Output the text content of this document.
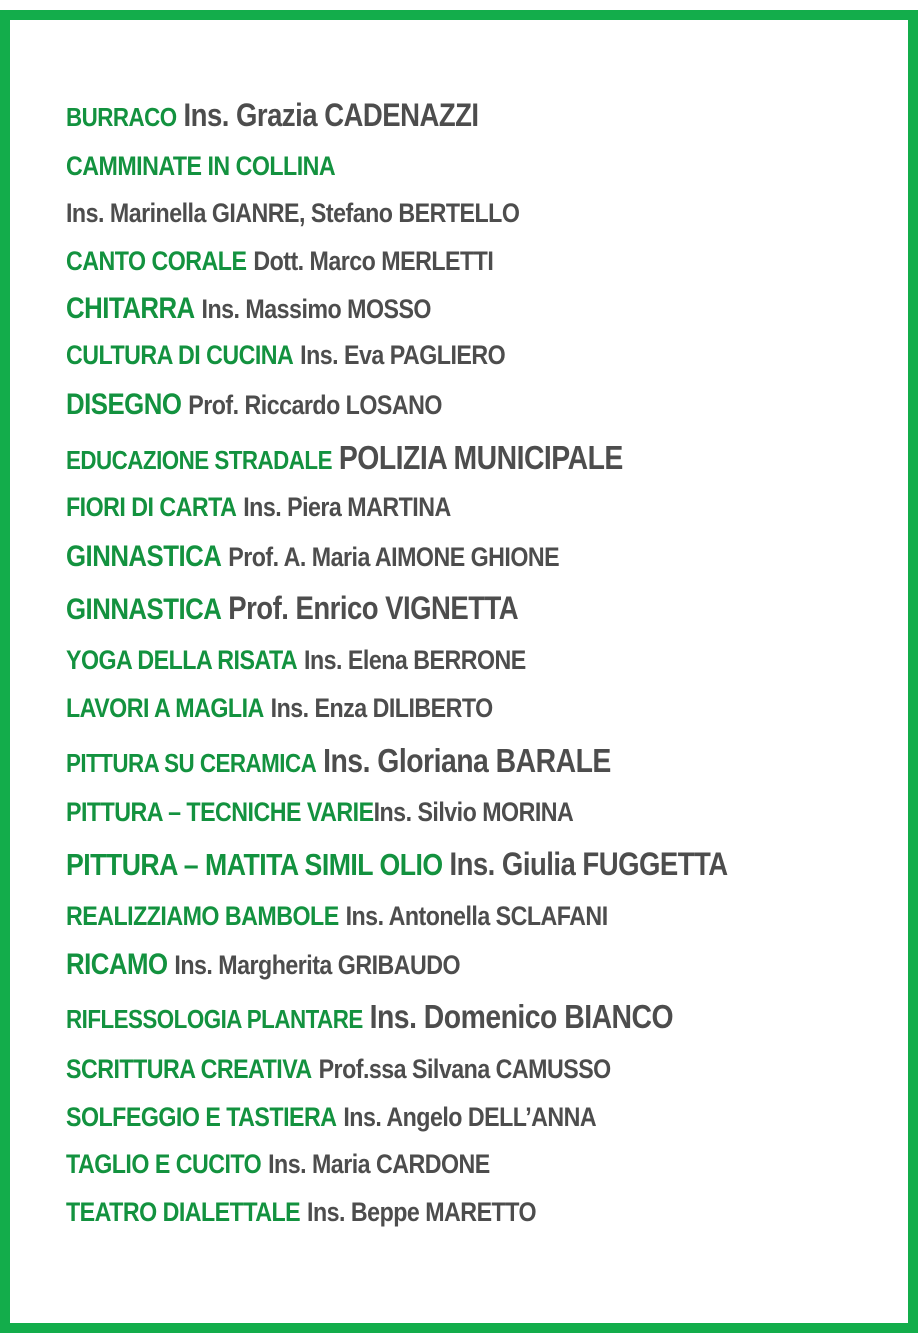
BURRACO Ins. Grazia CADENAZZI
CAMMINATE IN COLLINA
Ins. Marinella GIANRE, Stefano BERTELLO
CANTO CORALE Dott. Marco MERLETTI
CHITARRA Ins. Massimo MOSSO
CULTURA DI CUCINA Ins. Eva PAGLIERO
DISEGNO Prof. Riccardo LOSANO
EDUCAZIONE STRADALE POLIZIA MUNICIPALE
FIORI DI CARTA Ins. Piera MARTINA
GINNASTICA Prof. A. Maria AIMONE GHIONE
GINNASTICA Prof. Enrico VIGNETTA
YOGA DELLA RISATA Ins. Elena BERRONE
LAVORI A MAGLIA Ins. Enza DILIBERTO
PITTURA SU CERAMICA Ins. Gloriana BARALE
PITTURA – TECNICHE VARIEIns. Silvio MORINA
PITTURA – MATITA SIMIL OLIO Ins. Giulia FUGGETTA
REALIZZIAMO BAMBOLE Ins. Antonella SCLAFANI
RICAMO Ins. Margherita GRIBAUDO
RIFLESSOLOGIA PLANTARE Ins. Domenico BIANCO
SCRITTURA CREATIVA Prof.ssa Silvana CAMUSSO
SOLFEGGIO E TASTIERA Ins. Angelo DELL’ANNA
TAGLIO E CUCITO Ins. Maria CARDONE
TEATRO DIALETTALE Ins. Beppe MARETTO
